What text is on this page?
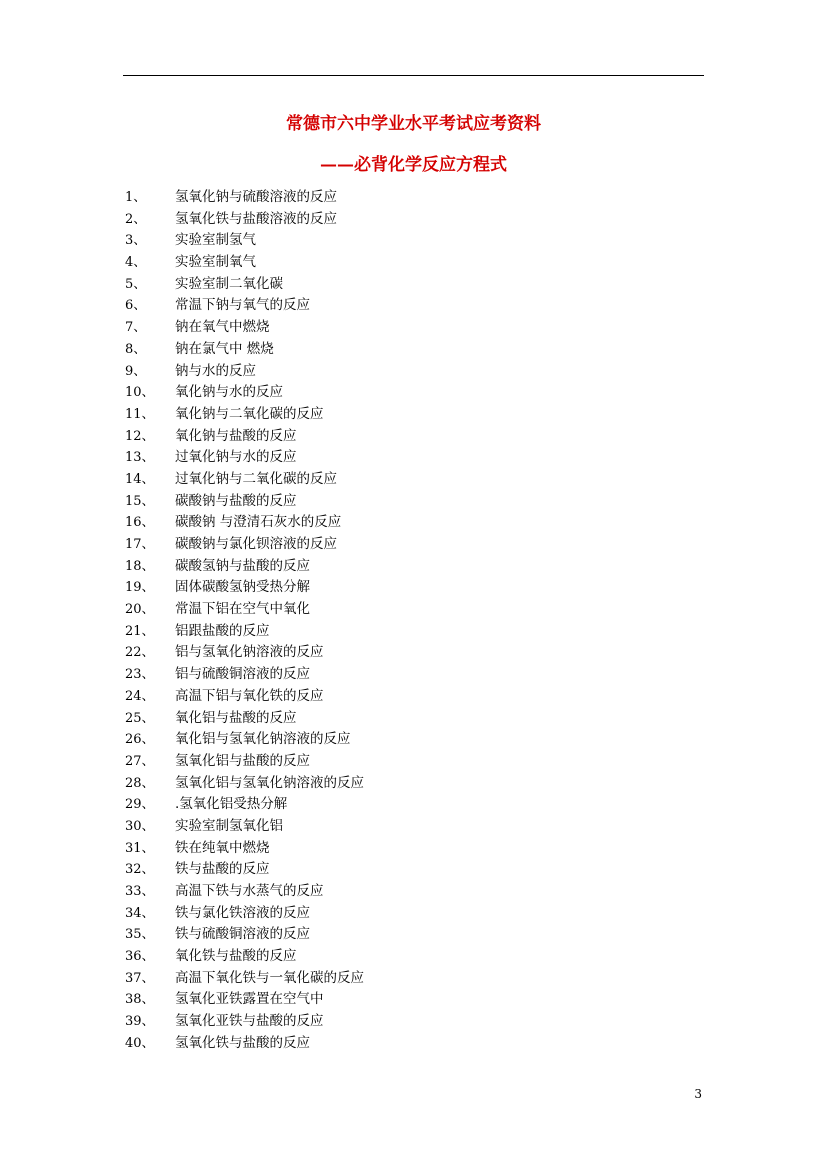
常德市六中学业水平考试应考资料
——必背化学反应方程式
1、	氢氧化钠与硫酸溶液的反应
2、	氢氧化铁与盐酸溶液的反应
3、	实验室制氢气
4、	实验室制氧气
5、	实验室制二氧化碳
6、	常温下钠与氧气的反应
7、	钠在氧气中燃烧
8、	钠在氯气中 燃烧
9、	钠与水的反应
10、	氧化钠与水的反应
11、	氧化钠与二氧化碳的反应
12、	氧化钠与盐酸的反应
13、	过氧化钠与水的反应
14、	过氧化钠与二氧化碳的反应
15、	碳酸钠与盐酸的反应
16、	碳酸钠 与澄清石灰水的反应
17、	碳酸钠与氯化钡溶液的反应
18、	碳酸氢钠与盐酸的反应
19、	固体碳酸氢钠受热分解
20、	常温下铝在空气中氧化
21、	铝跟盐酸的反应
22、	铝与氢氧化钠溶液的反应
23、	铝与硫酸铜溶液的反应
24、	高温下铝与氧化铁的反应
25、	氧化铝与盐酸的反应
26、	氧化铝与氢氧化钠溶液的反应
27、	氢氧化铝与盐酸的反应
28、	氢氧化铝与氢氧化钠溶液的反应
29、	.氢氧化铝受热分解
30、	实验室制氢氧化铝
31、	铁在纯氧中燃烧
32、	铁与盐酸的反应
33、	高温下铁与水蒸气的反应
34、	铁与氯化铁溶液的反应
35、	铁与硫酸铜溶液的反应
36、	氧化铁与盐酸的反应
37、	高温下氧化铁与一氧化碳的反应
38、	氢氧化亚铁露置在空气中
39、	氢氧化亚铁与盐酸的反应
40、	氢氧化铁与盐酸的反应
3
